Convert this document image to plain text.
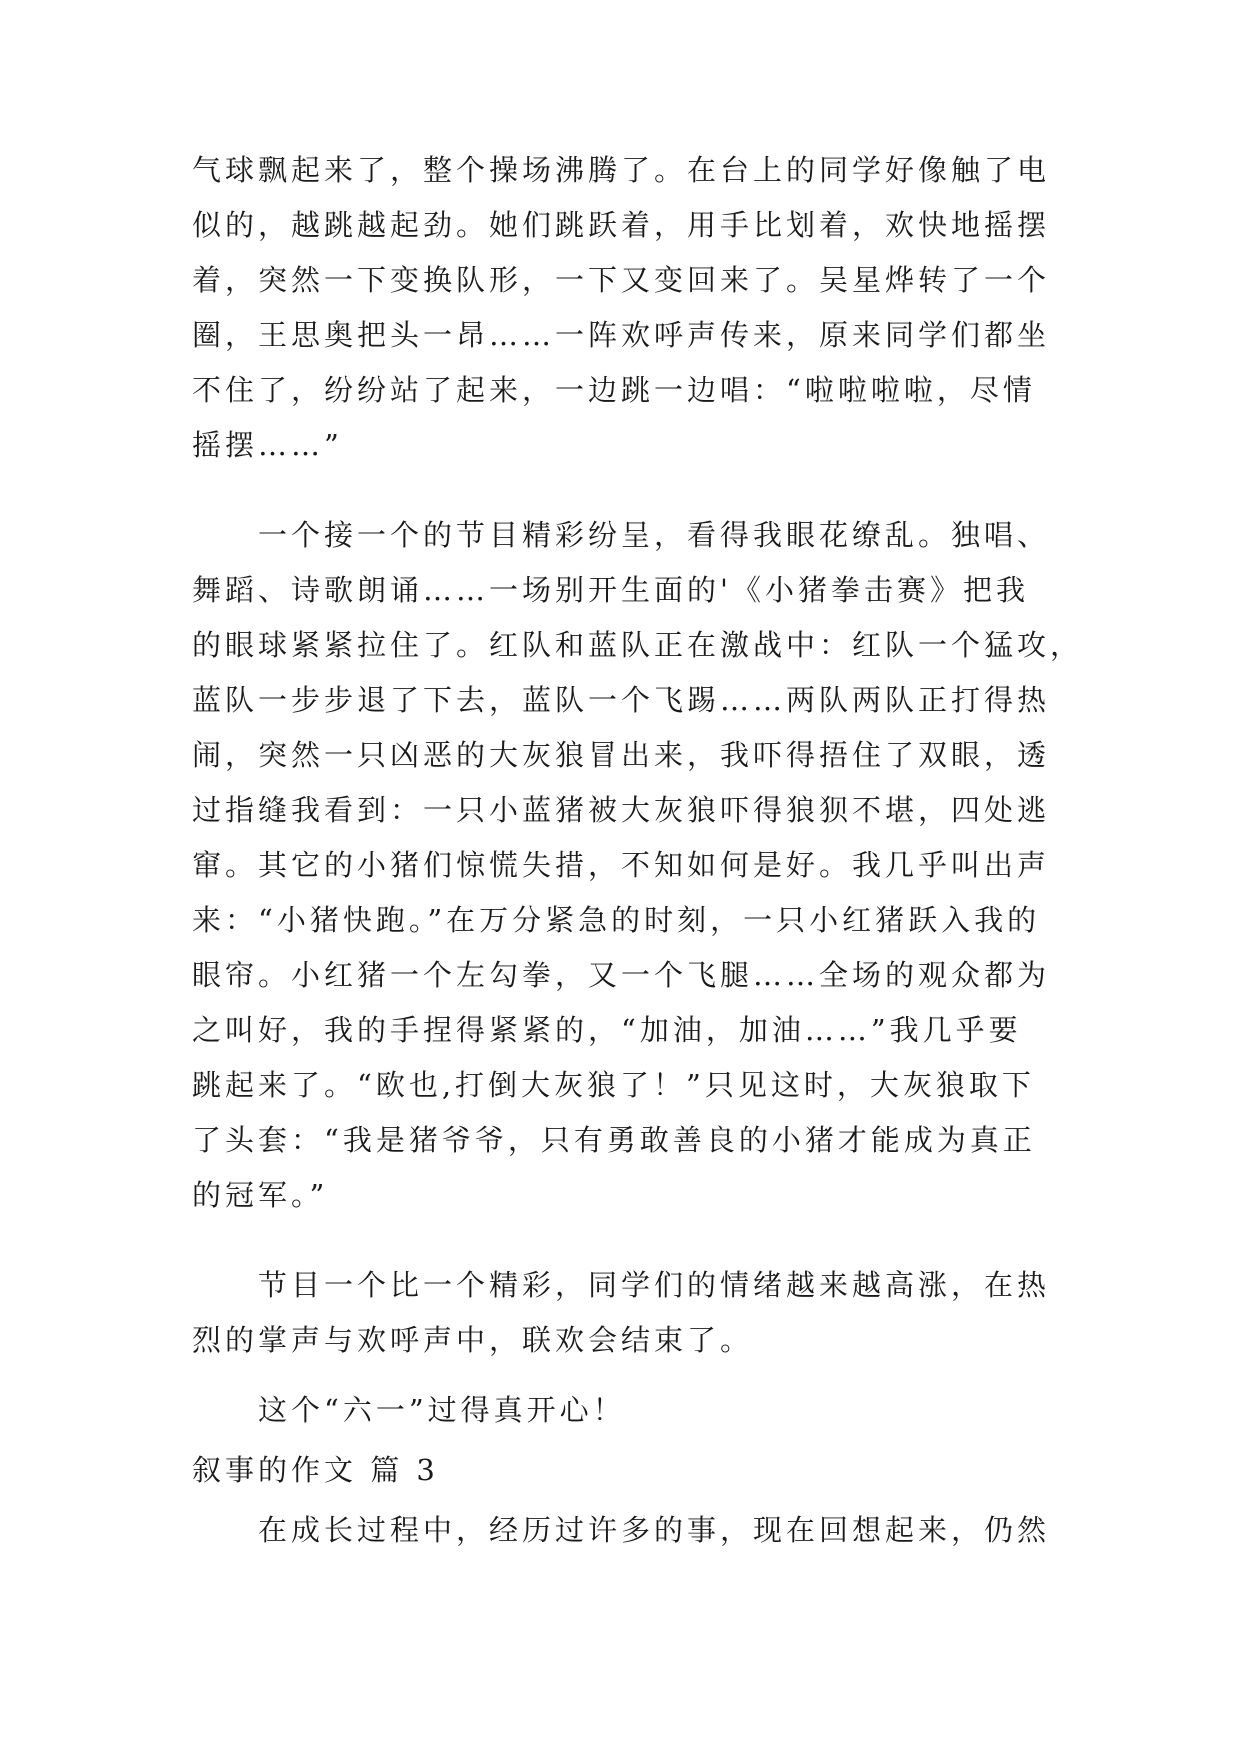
气球飘起来了，整个操场沸腾了。在台上的同学好像触了电
似的，越跳越起劲。她们跳跃着，用手比划着，欢快地摇摆
着，突然一下变换队形，一下又变回来了。吴星烨转了一个
圈，王思奥把头一昂……一阵欢呼声传来，原来同学们都坐
不住了，纷纷站了起来，一边跳一边唱：“啦啦啦啦，尽情
摇摆……”
一个接一个的节目精彩纷呈，看得我眼花缭乱。独唱、
舞蹈、诗歌朗诵……一场别开生面的'《小猪拳击赛》把我
的眼球紧紧拉住了。红队和蓝队正在激战中：红队一个猛攻，
蓝队一步步退了下去，蓝队一个飞踢……两队两队正打得热
闹，突然一只凶恶的大灰狼冒出来，我吓得捂住了双眼，透
过指缝我看到：一只小蓝猪被大灰狼吓得狼狈不堪，四处逃
窜。其它的小猪们惊慌失措，不知如何是好。我几乎叫出声
来：“小猪快跑。”在万分紧急的时刻，一只小红猪跃入我的
眼帘。小红猪一个左勾拳，又一个飞腿……全场的观众都为
之叫好，我的手捏得紧紧的，“加油，加油……”我几乎要
跳起来了。“欧也,打倒大灰狼了！”只见这时，大灰狼取下
了头套：“我是猪爷爷，只有勇敢善良的小猪才能成为真正
的冠军。”
节目一个比一个精彩，同学们的情绪越来越高涨，在热
烈的掌声与欢呼声中，联欢会结束了。
这个“六一”过得真开心！
叙事的作文 篇 3
在成长过程中，经历过许多的事，现在回想起来，仍然
